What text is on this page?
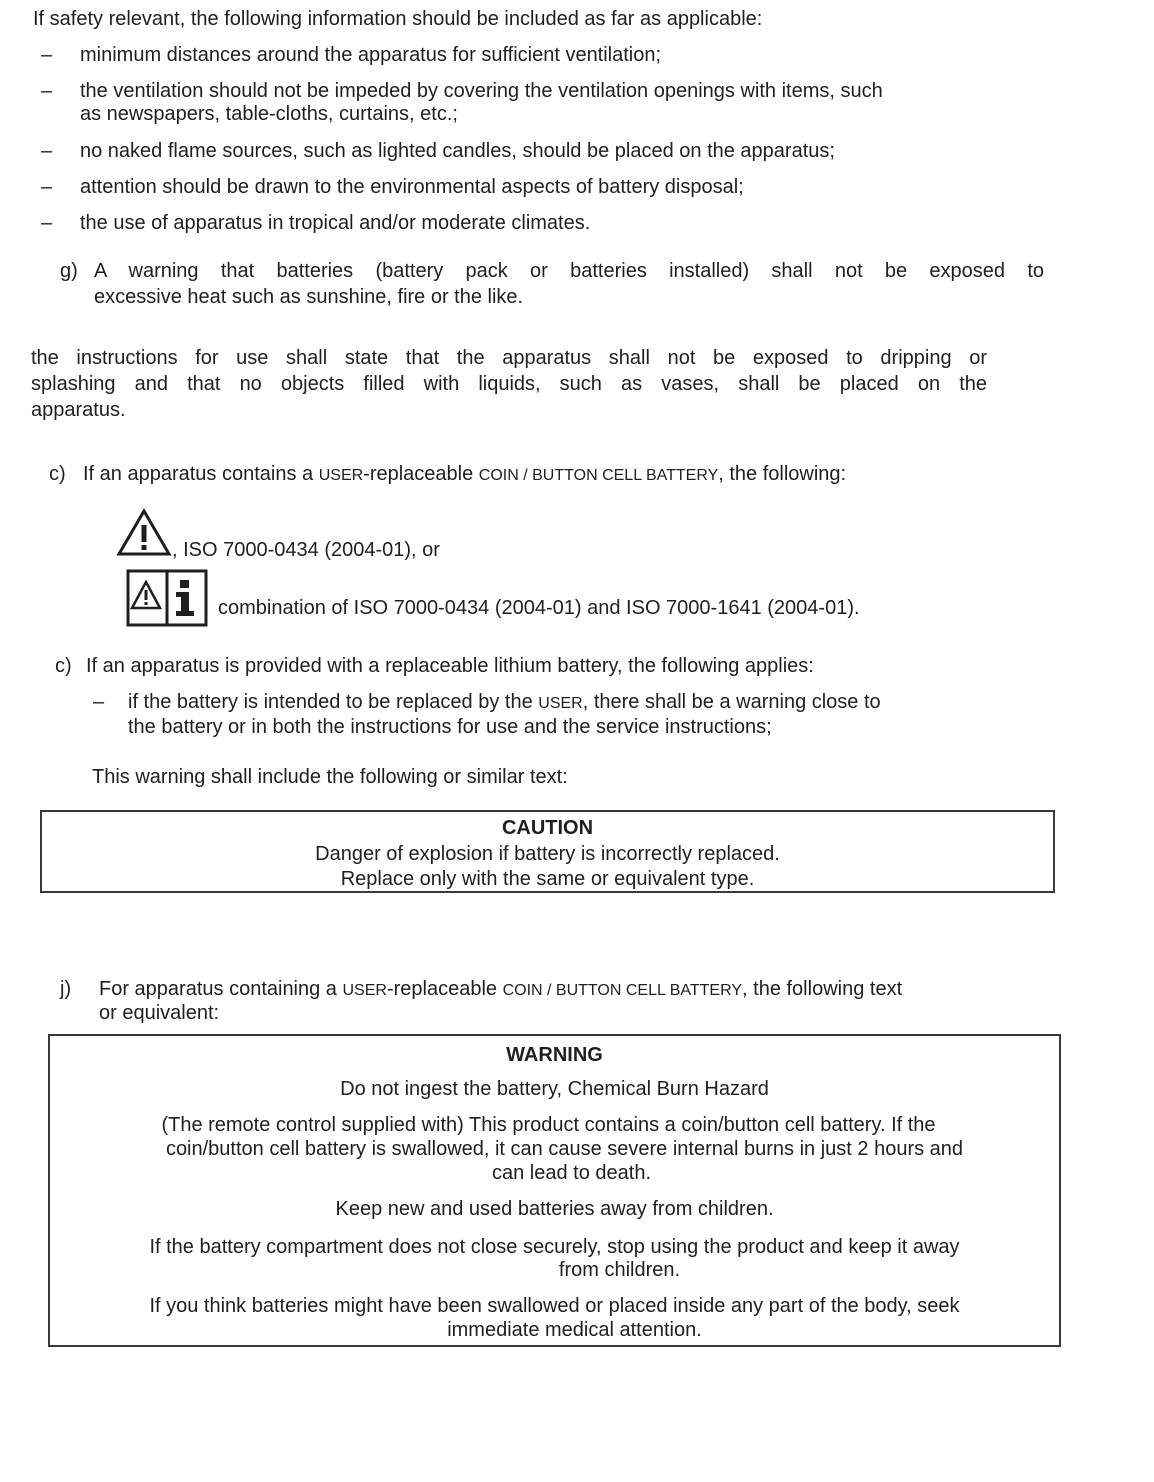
If safety relevant, the following information should be included as far as applicable:
– minimum distances around the apparatus for sufficient ventilation;
– the ventilation should not be impeded by covering the ventilation openings with items, such
as newspapers, table-cloths, curtains, etc.;
– no naked flame sources, such as lighted candles, should be placed on the apparatus;
– attention should be drawn to the environmental aspects of battery disposal;
– the use of apparatus in tropical and/or moderate climates.
g) A warning that batteries (battery pack or batteries installed) shall not be exposed to
excessive heat such as sunshine, fire or the like.
the instructions for use shall state that the apparatus shall not be exposed to dripping or
splashing and that no objects filled with liquids, such as vases, shall be placed on the
apparatus.
c) If an apparatus contains a USER-replaceable COIN / BUTTON CELL BATTERY, the following:
, ISO 7000-0434 (2004-01), or
combination of ISO 7000-0434 (2004-01) and ISO 7000-1641 (2004-01).
c) If an apparatus is provided with a replaceable lithium battery, the following applies:
– if the battery is intended to be replaced by the USER, there shall be a warning close to
the battery or in both the instructions for use and the service instructions;
This warning shall include the following or similar text:
CAUTION
Danger of explosion if battery is incorrectly replaced.
Replace only with the same or equivalent type.
j) For apparatus containing a USER-replaceable COIN / BUTTON CELL BATTERY, the following text
or equivalent:
WARNING
Do not ingest the battery, Chemical Burn Hazard
(The remote control supplied with) This product contains a coin/button cell battery. If the
coin/button cell battery is swallowed, it can cause severe internal burns in just 2 hours and
can lead to death.
Keep new and used batteries away from children.
If the battery compartment does not close securely, stop using the product and keep it away
from children.
If you think batteries might have been swallowed or placed inside any part of the body, seek
immediate medical attention.
